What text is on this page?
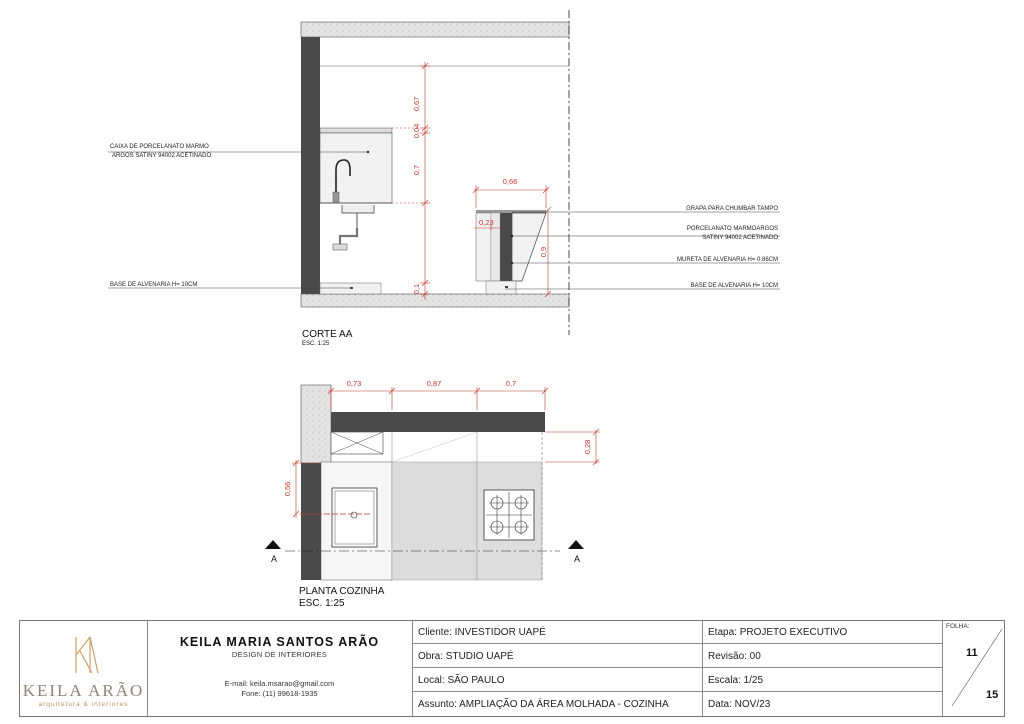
0,67
0,04
0,7
0,1
0,66
0,23
0,9
CAIXA DE PORCELANATO MARMO
ARGOS SATINY 94002 ACETINADO
BASE DE ALVENARIA H= 10CM
GRAPA PARA CHUMBAR TAMPO
PORCELANATO MARMOARGOS
SATINY 94002 ACETINADO
MURETA DE ALVENARIA H= 0.86CM
BASE DE ALVENARIA H= 10CM
CORTE AA
ESC. 1:25
A	A
0,73	0,87	0,7
0,28
0,56
PLANTA COZINHA
ESC. 1:25
KEILA ARÃO
arquitetura & interiores
KEILA MARIA SANTOS ARÃO
DESIGN DE INTERIORES
E-mail: keila.msarao@gmail.com
Fone: (11) 99618-1935
Cliente: INVESTIDOR UAPÉ
Obra: STUDIO UAPÉ
Local: SÃO PAULO
Assunto: AMPLIAÇÃO DA ÁREA MOLHADA - COZINHA
Etapa: PROJETO EXECUTIVO
Revisão: 00
Escala: 1/25
Data: NOV/23
FOLHA:
11
15
